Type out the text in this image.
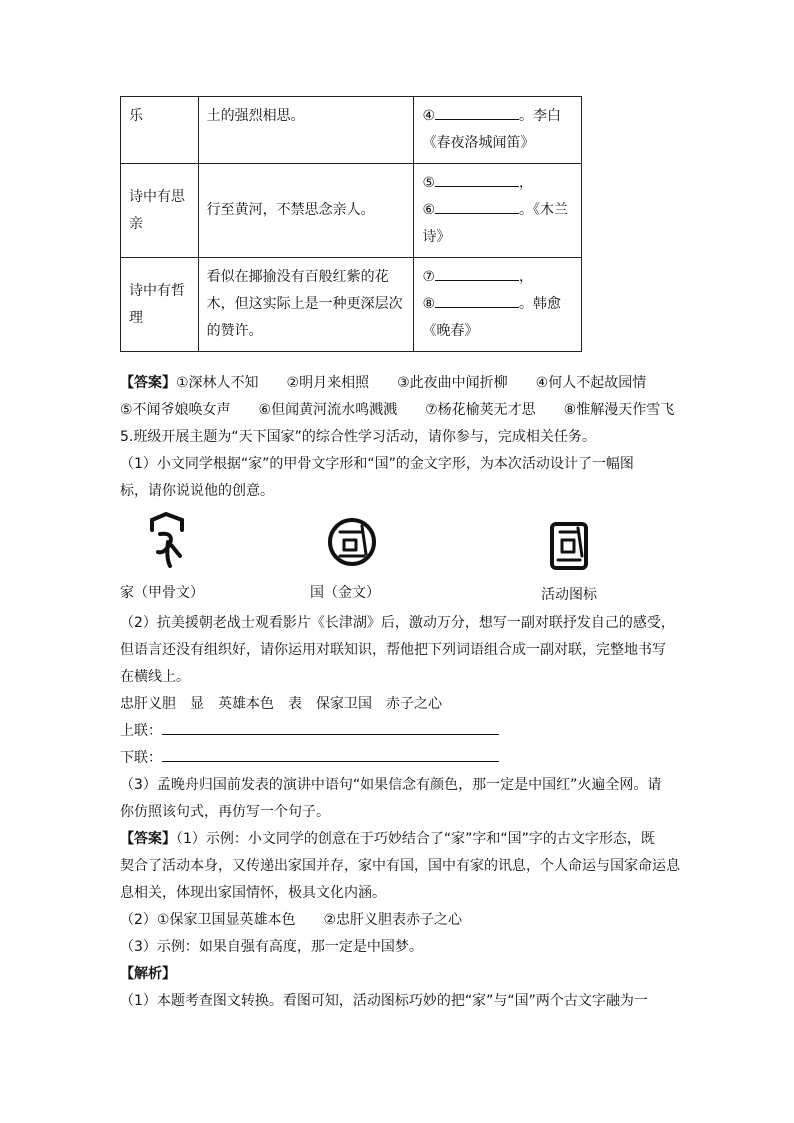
乐	土的强烈相思。	④ 。李白
《春夜洛城闻笛》
诗中有思亲	行至黄河，不禁思念亲人。	⑤ ，
⑥ 。《木兰诗》
诗中有哲理	看似在揶揄没有百般红紫的花木，但这实际上是一种更深层次的赞许。	⑦ ，
⑧ 。韩愈《晚春》
【答案】①深林人不知　　②明月来相照　　③此夜曲中闻折柳　　④何人不起故园情
⑤不闻爷娘唤女声　　⑥但闻黄河流水鸣溅溅　　⑦杨花榆荚无才思　　⑧惟解漫天作雪飞
5.班级开展主题为“天下国家”的综合性学习活动，请你参与，完成相关任务。
（1）小文同学根据“家”的甲骨文字形和“国”的金文字形，为本次活动设计了一幅图
标，请你说说他的创意。
家（甲骨文）	国（金文）	活动图标
（2）抗美援朝老战士观看影片《长津湖》后，激动万分，想写一副对联抒发自己的感受，
但语言还没有组织好，请你运用对联知识，帮他把下列词语组合成一副对联，完整地书写
在横线上。
忠肝义胆　显　英雄本色　表　保家卫国　赤子之心
上联：
下联：
（3）孟晚舟归国前发表的演讲中语句“如果信念有颜色，那一定是中国红”火遍全网。请
你仿照该句式，再仿写一个句子。
【答案】（1）示例：小文同学的创意在于巧妙结合了“家”字和“国”字的古文字形态，既
契合了活动本身，又传递出家国并存，家中有国，国中有家的讯息，个人命运与国家命运息
息相关，体现出家国情怀，极具文化内涵。
（2）①保家卫国显英雄本色　　②忠肝义胆表赤子之心
（3）示例：如果自强有高度，那一定是中国梦。
【解析】
（1）本题考查图文转换。看图可知，活动图标巧妙的把“家”与“国”两个古文字融为一
